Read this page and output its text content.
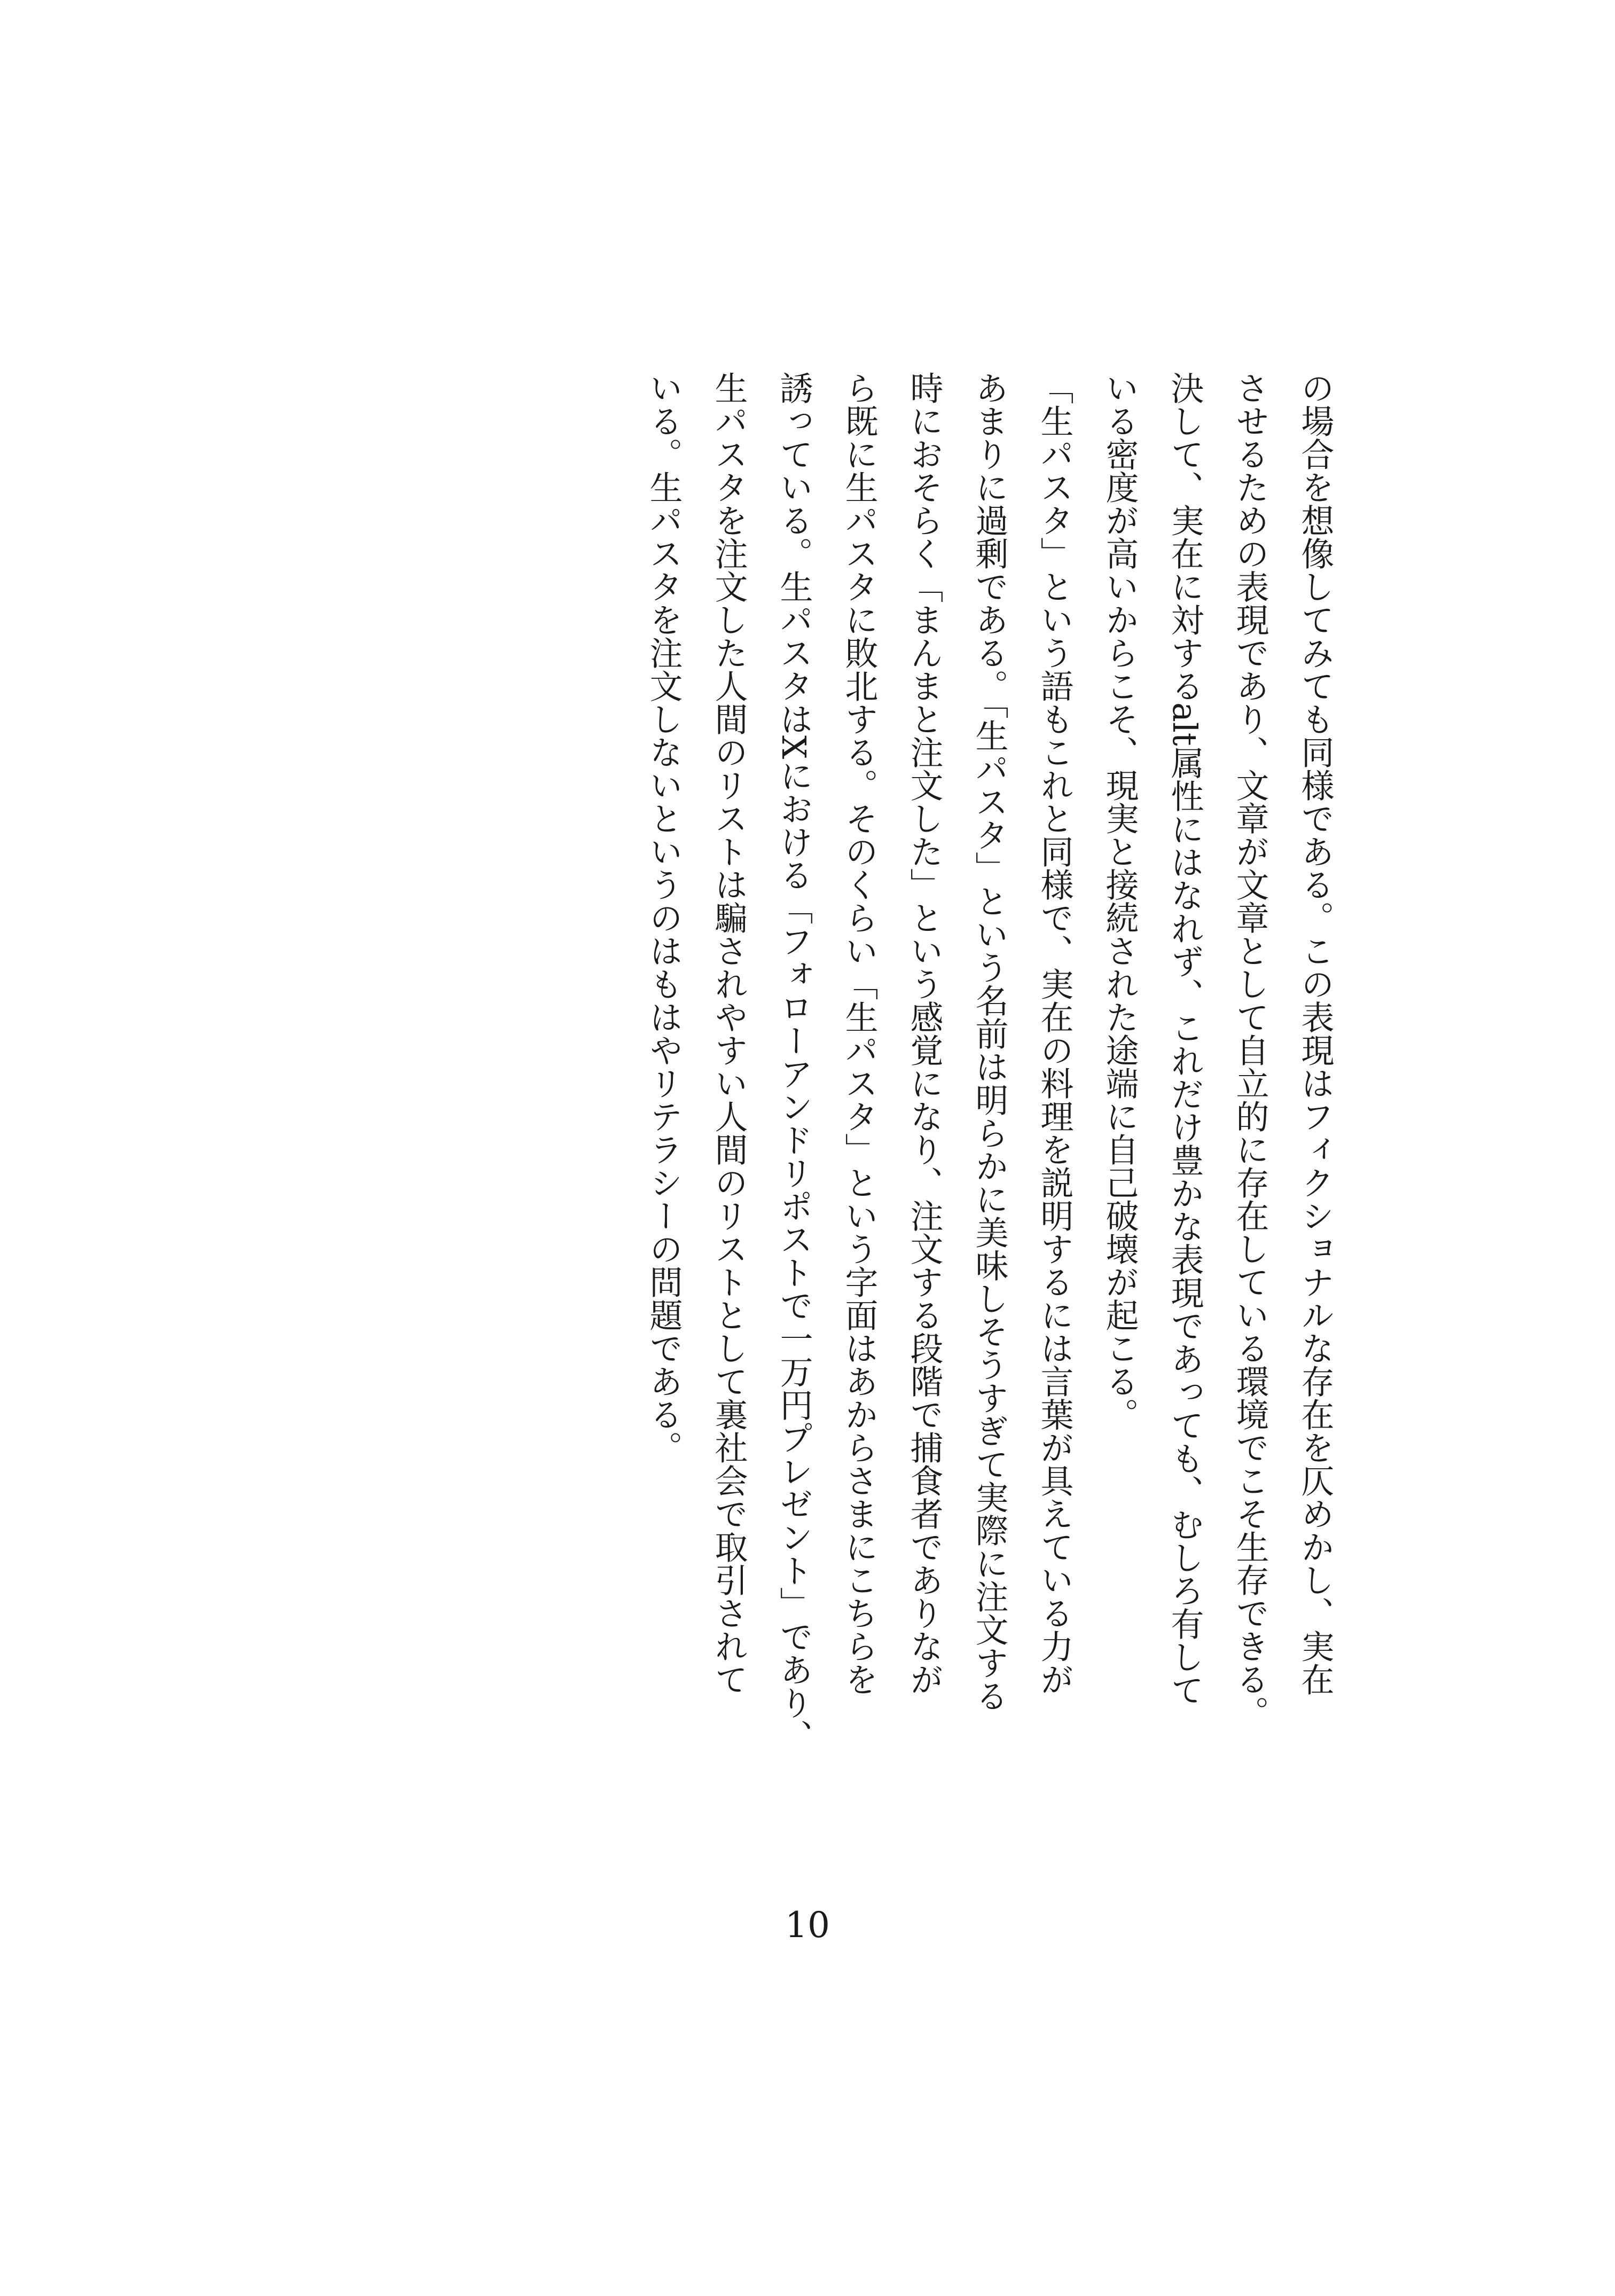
の場合を想像してみても同様である。この表現はフィクショナルな存在を仄めかし、実在
させるための表現であり、文章が文章として自立的に存在している環境でこそ生存できる。
決して、実在に対するalt属性にはなれず、これだけ豊かな表現であっても、むしろ有して
いる密度が高いからこそ、現実と接続された途端に自己破壊が起こる。
「生パスタ」という語もこれと同様で、実在の料理を説明するには言葉が具えている力が
あまりに過剰である。「生パスタ」という名前は明らかに美味しそうすぎて実際に注文する
時におそらく「まんまと注文した」という感覚になり、注文する段階で捕食者でありなが
ら既に生パスタに敗北する。そのくらい「生パスタ」という字面はあからさまにこちらを
誘っている。生パスタはXにおける「フォローアンドリポストで一万円プレゼント」であり、
生パスタを注文した人間のリストは騙されやすい人間のリストとして裏社会で取引されて
いる。生パスタを注文しないというのはもはやリテラシーの問題である。
10
